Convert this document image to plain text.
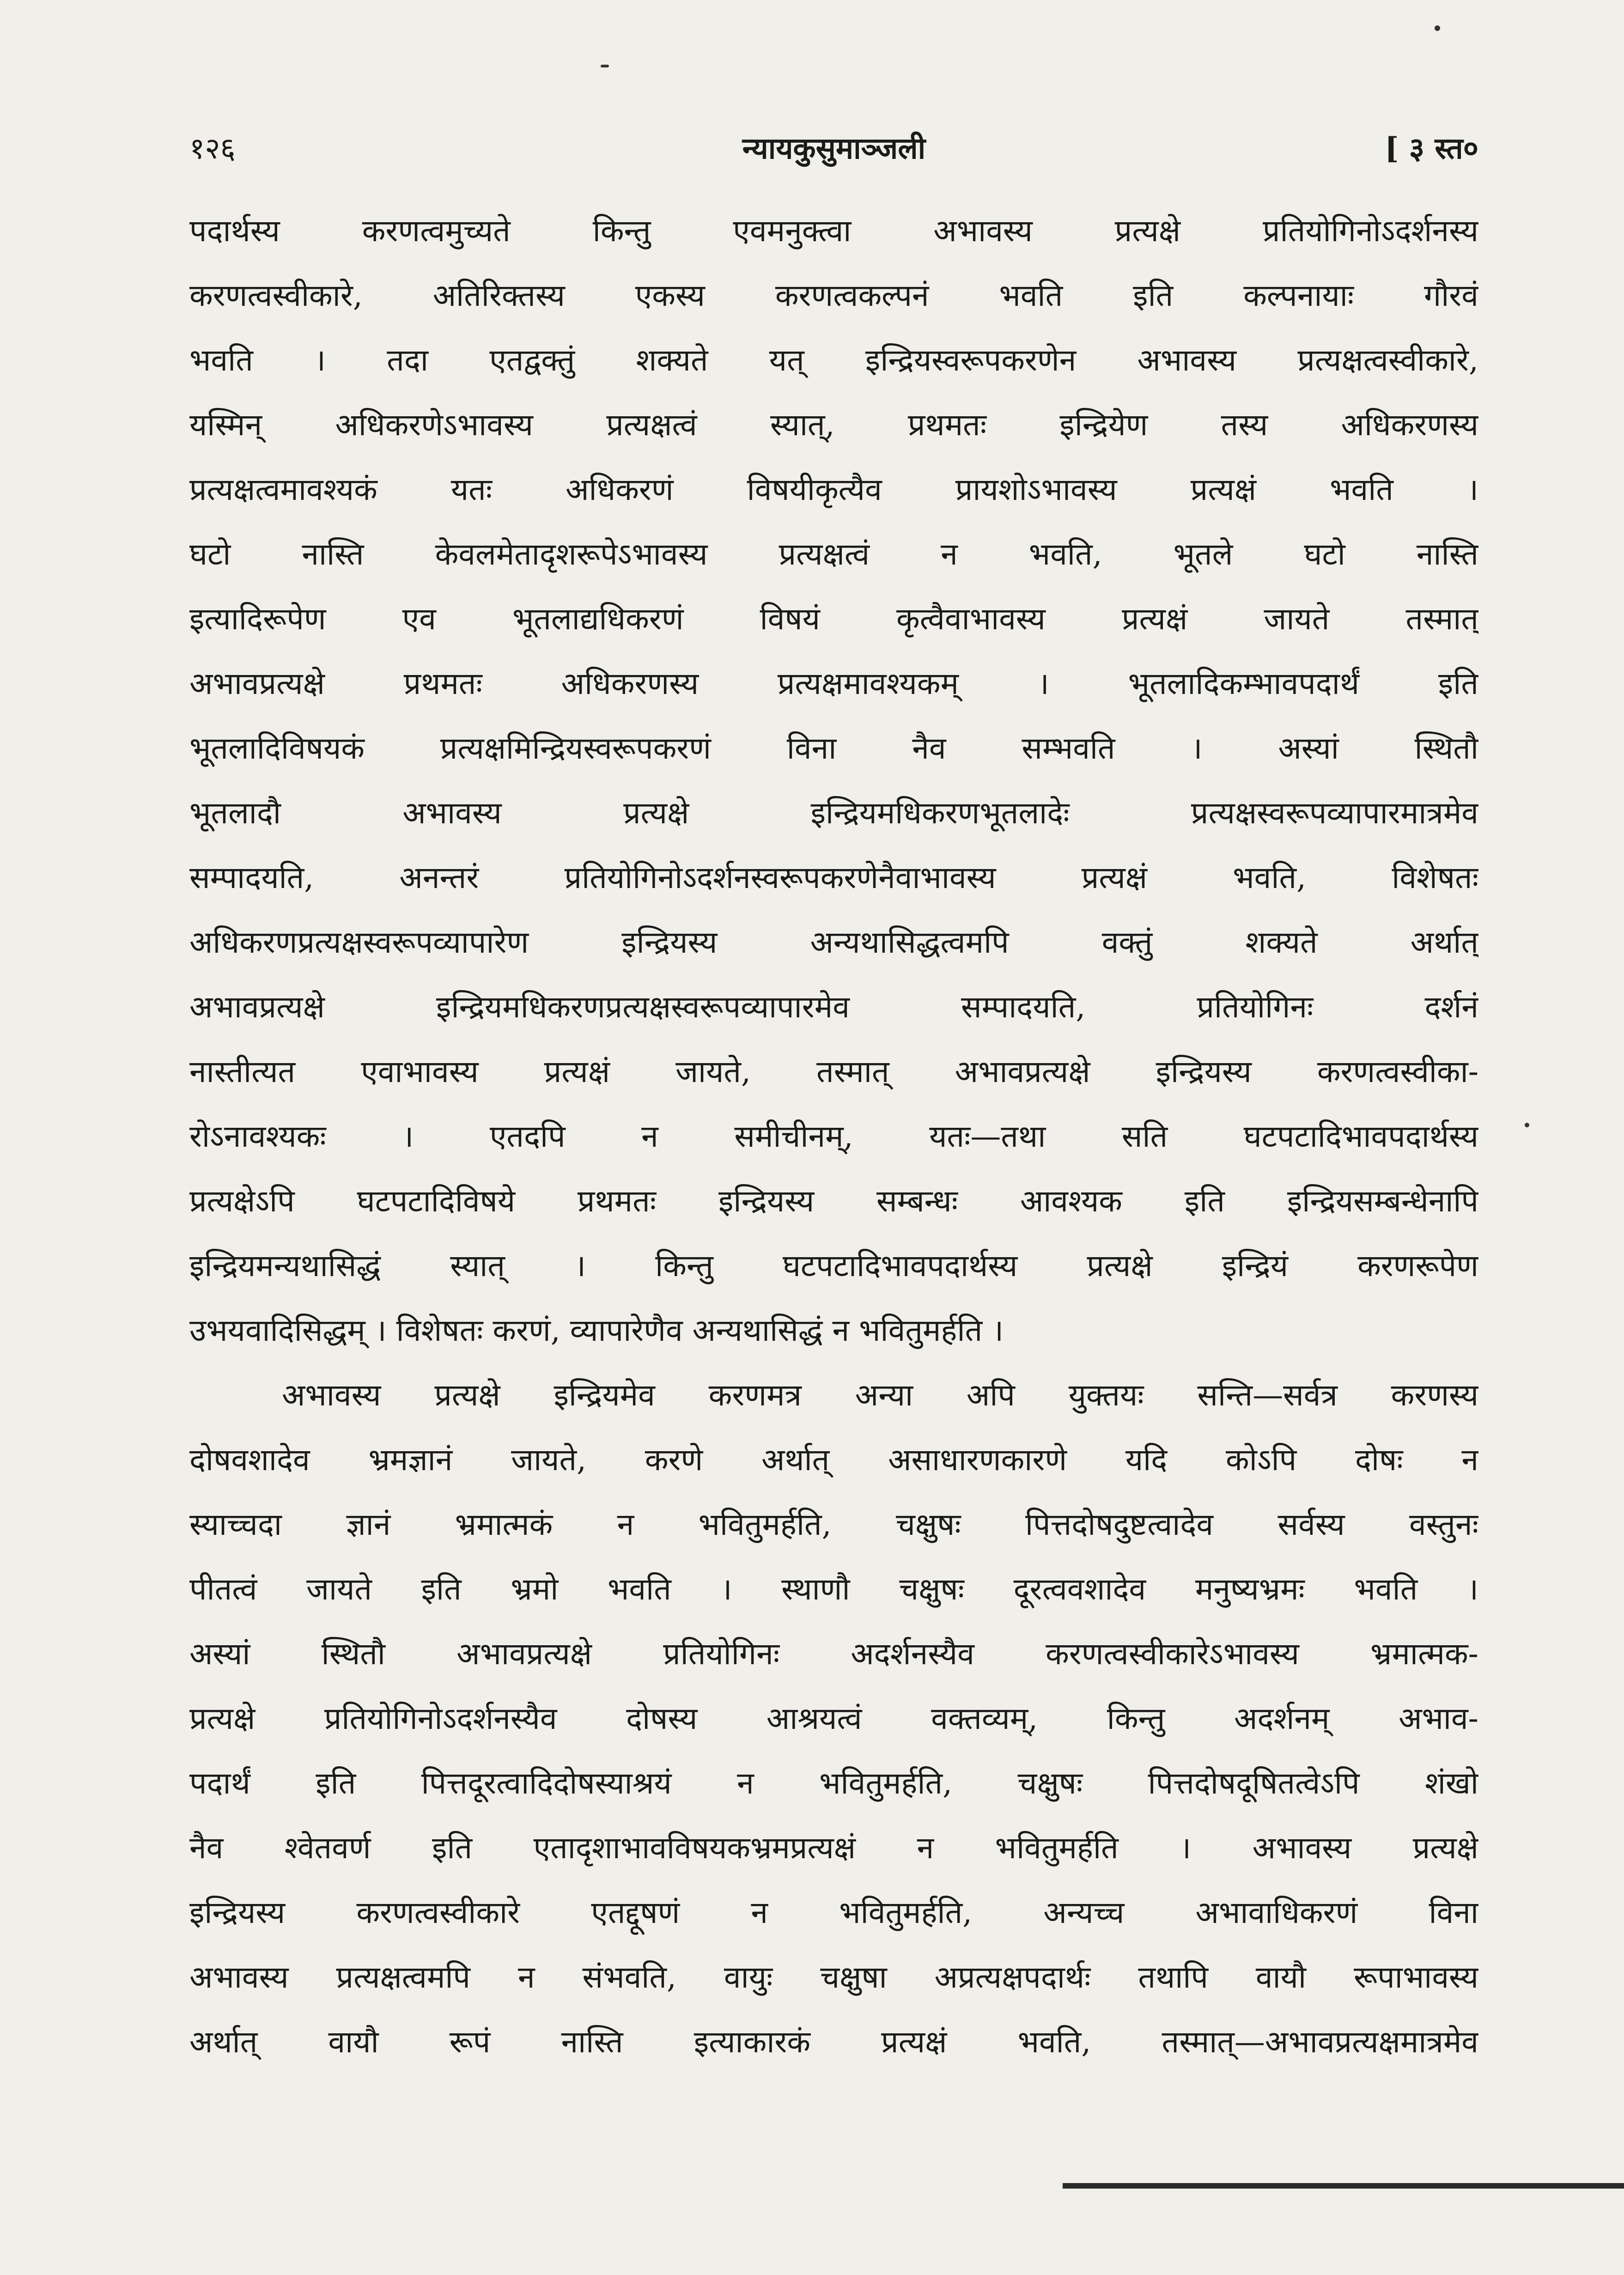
१२६	न्यायकुसुमाञ्जली	[ ३ स्त०
पदार्थस्य करणत्वमुच्यते किन्तु एवमनुक्त्वा अभावस्य प्रत्यक्षे प्रतियोगिनोऽदर्शनस्य
करणत्वस्वीकारे, अतिरिक्तस्य एकस्य करणत्वकल्पनं भवति इति कल्पनायाः गौरवं
भवति । तदा एतद्वक्तुं शक्यते यत् इन्द्रियस्वरूपकरणेन अभावस्य प्रत्यक्षत्वस्वीकारे,
यस्मिन् अधिकरणेऽभावस्य प्रत्यक्षत्वं स्यात्, प्रथमतः इन्द्रियेण तस्य अधिकरणस्य
प्रत्यक्षत्वमावश्यकं यतः अधिकरणं विषयीकृत्यैव प्रायशोऽभावस्य प्रत्यक्षं भवति ।
घटो नास्ति केवलमेतादृशरूपेऽभावस्य प्रत्यक्षत्वं न भवति, भूतले घटो नास्ति
इत्यादिरूपेण एव भूतलाद्यधिकरणं विषयं कृत्वैवाभावस्य प्रत्यक्षं जायते तस्मात्
अभावप्रत्यक्षे प्रथमतः अधिकरणस्य प्रत्यक्षमावश्यकम् । भूतलादिकम्भावपदार्थं इति
भूतलादिविषयकं प्रत्यक्षमिन्द्रियस्वरूपकरणं विना नैव सम्भवति । अस्यां स्थितौ
भूतलादौ अभावस्य प्रत्यक्षे इन्द्रियमधिकरणभूतलादेः प्रत्यक्षस्वरूपव्यापारमात्रमेव
सम्पादयति, अनन्तरं प्रतियोगिनोऽदर्शनस्वरूपकरणेनैवाभावस्य प्रत्यक्षं भवति, विशेषतः
अधिकरणप्रत्यक्षस्वरूपव्यापारेण इन्द्रियस्य अन्यथासिद्धत्वमपि वक्तुं शक्यते अर्थात्
अभावप्रत्यक्षे इन्द्रियमधिकरणप्रत्यक्षस्वरूपव्यापारमेव सम्पादयति, प्रतियोगिनः दर्शनं
नास्तीत्यत एवाभावस्य प्रत्यक्षं जायते, तस्मात् अभावप्रत्यक्षे इन्द्रियस्य करणत्वस्वीका-
रोऽनावश्यकः । एतदपि न समीचीनम्, यतः—तथा सति घटपटादिभावपदार्थस्य
प्रत्यक्षेऽपि घटपटादिविषये प्रथमतः इन्द्रियस्य सम्बन्धः आवश्यक इति इन्द्रियसम्बन्धेनापि
इन्द्रियमन्यथासिद्धं स्यात् । किन्तु घटपटादिभावपदार्थस्य प्रत्यक्षे इन्द्रियं करणरूपेण
उभयवादिसिद्धम् । विशेषतः करणं, व्यापारेणैव अन्यथासिद्धं न भवितुमर्हति ।
अभावस्य प्रत्यक्षे इन्द्रियमेव करणमत्र अन्या अपि युक्तयः सन्ति—सर्वत्र करणस्य
दोषवशादेव भ्रमज्ञानं जायते, करणे अर्थात् असाधारणकारणे यदि कोऽपि दोषः न
स्याच्चदा ज्ञानं भ्रमात्मकं न भवितुमर्हति, चक्षुषः पित्तदोषदुष्टत्वादेव सर्वस्य वस्तुनः
पीतत्वं जायते इति भ्रमो भवति । स्थाणौ चक्षुषः दूरत्ववशादेव मनुष्यभ्रमः भवति ।
अस्यां स्थितौ अभावप्रत्यक्षे प्रतियोगिनः अदर्शनस्यैव करणत्वस्वीकारेऽभावस्य भ्रमात्मक-
प्रत्यक्षे प्रतियोगिनोऽदर्शनस्यैव दोषस्य आश्रयत्वं वक्तव्यम्, किन्तु अदर्शनम् अभाव-
पदार्थं इति पित्तदूरत्वादिदोषस्याश्रयं न भवितुमर्हति, चक्षुषः पित्तदोषदूषितत्वेऽपि शंखो
नैव श्वेतवर्ण इति एतादृशाभावविषयकभ्रमप्रत्यक्षं न भवितुमर्हति । अभावस्य प्रत्यक्षे
इन्द्रियस्य करणत्वस्वीकारे एतद्दूषणं न भवितुमर्हति, अन्यच्च अभावाधिकरणं विना
अभावस्य प्रत्यक्षत्वमपि न संभवति, वायुः चक्षुषा अप्रत्यक्षपदार्थः तथापि वायौ रूपाभावस्य
अर्थात् वायौ रूपं नास्ति इत्याकारकं प्रत्यक्षं भवति, तस्मात्—अभावप्रत्यक्षमात्रमेव
